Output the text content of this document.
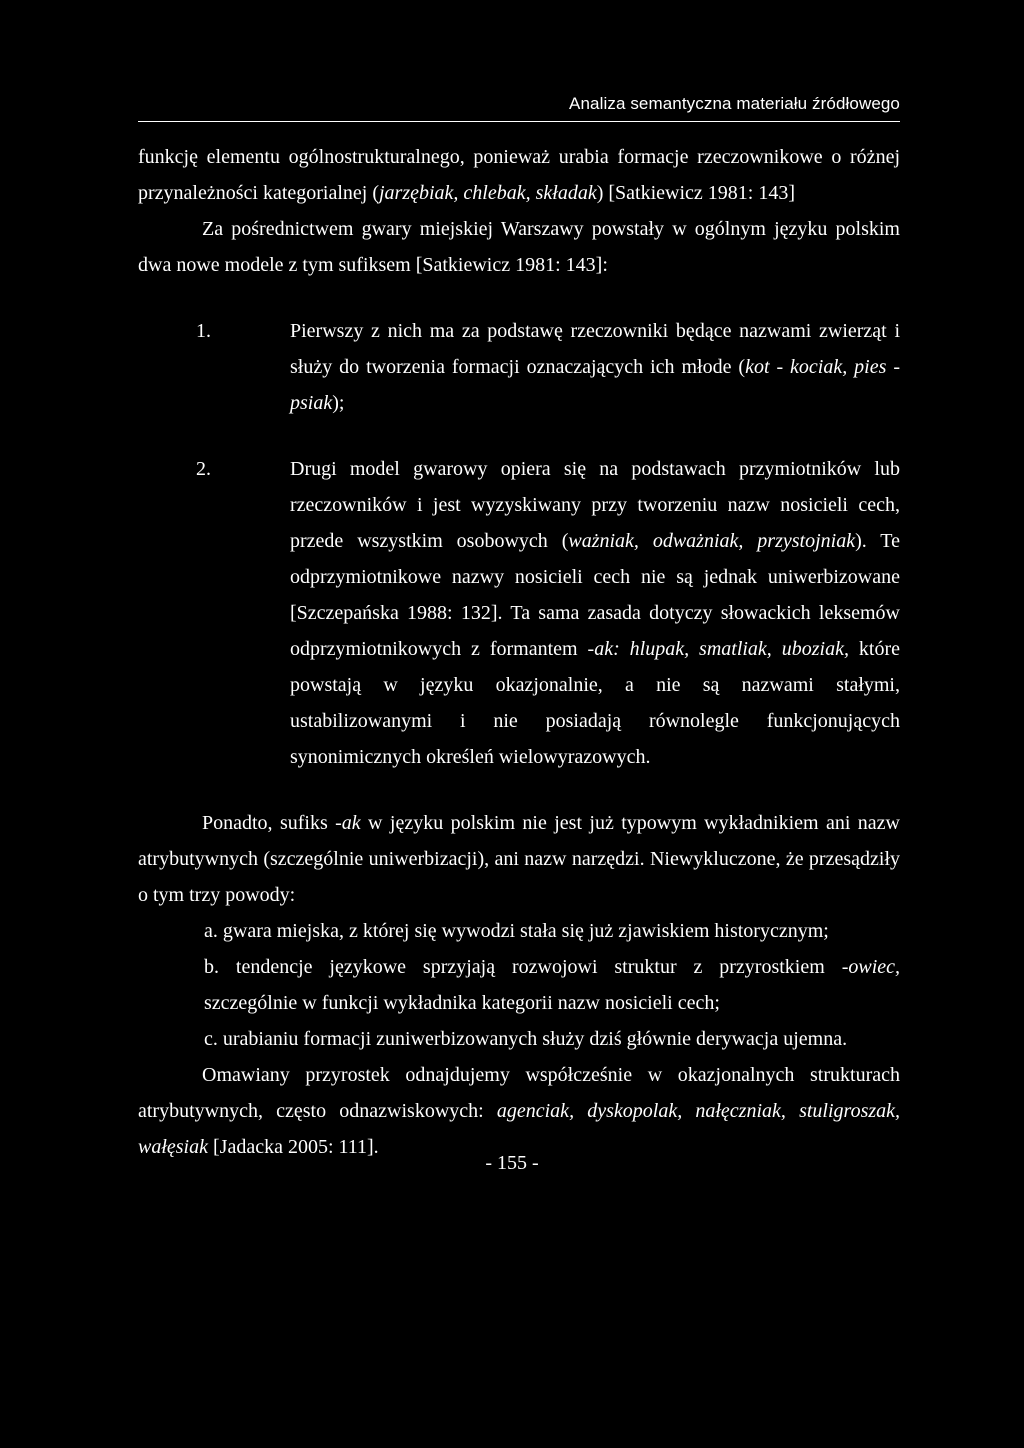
Analiza semantyczna materiału źródłowego

funkcję elementu ogólnostrukturalnego, ponieważ urabia formacje rzeczownikowe o różnej przynależności kategorialnej (jarzębiak, chlebak, składak) [Satkiewicz 1981: 143]

Za pośrednictwem gwary miejskiej Warszawy powstały w ogólnym języku polskim dwa nowe modele z tym sufiksem [Satkiewicz 1981: 143]:

1.	Pierwszy z nich ma za podstawę rzeczowniki będące nazwami zwierząt i służy do tworzenia formacji oznaczających ich młode (kot - kociak, pies - psiak);

2.	Drugi model gwarowy opiera się na podstawach przymiotników lub rzeczowników i jest wyzyskiwany przy tworzeniu nazw nosicieli cech, przede wszystkim osobowych (ważniak, odważniak, przystojniak). Te odprzymiotnikowe nazwy nosicieli cech nie są jednak uniwerbizowane [Szczepańska 1988: 132]. Ta sama zasada dotyczy słowackich leksemów odprzymiotnikowych z formantem -ak: hlupak, smatliak, uboziak, które powstają w języku okazjonalnie, a nie są nazwami stałymi, ustabilizowanymi i nie posiadają równolegle funkcjonujących synonimicznych określeń wielowyrazowych.

Ponadto, sufiks -ak w języku polskim nie jest już typowym wykładnikiem ani nazw atrybutywnych (szczególnie uniwerbizacji), ani nazw narzędzi. Niewykluczone, że przesądziły o tym trzy powody:

a. gwara miejska, z której się wywodzi stała się już zjawiskiem historycznym;

b. tendencje językowe sprzyjają rozwojowi struktur z przyrostkiem -owiec, szczególnie w funkcji wykładnika kategorii nazw nosicieli cech;

c. urabianiu formacji zuniwerbizowanych służy dziś głównie derywacja ujemna.

Omawiany przyrostek odnajdujemy współcześnie w okazjonalnych strukturach atrybutywnych, często odnazwiskowych: agenciak, dyskopolak, nałęczniak, stuligroszak, wałęsiak [Jadacka 2005: 111].

- 155 -
